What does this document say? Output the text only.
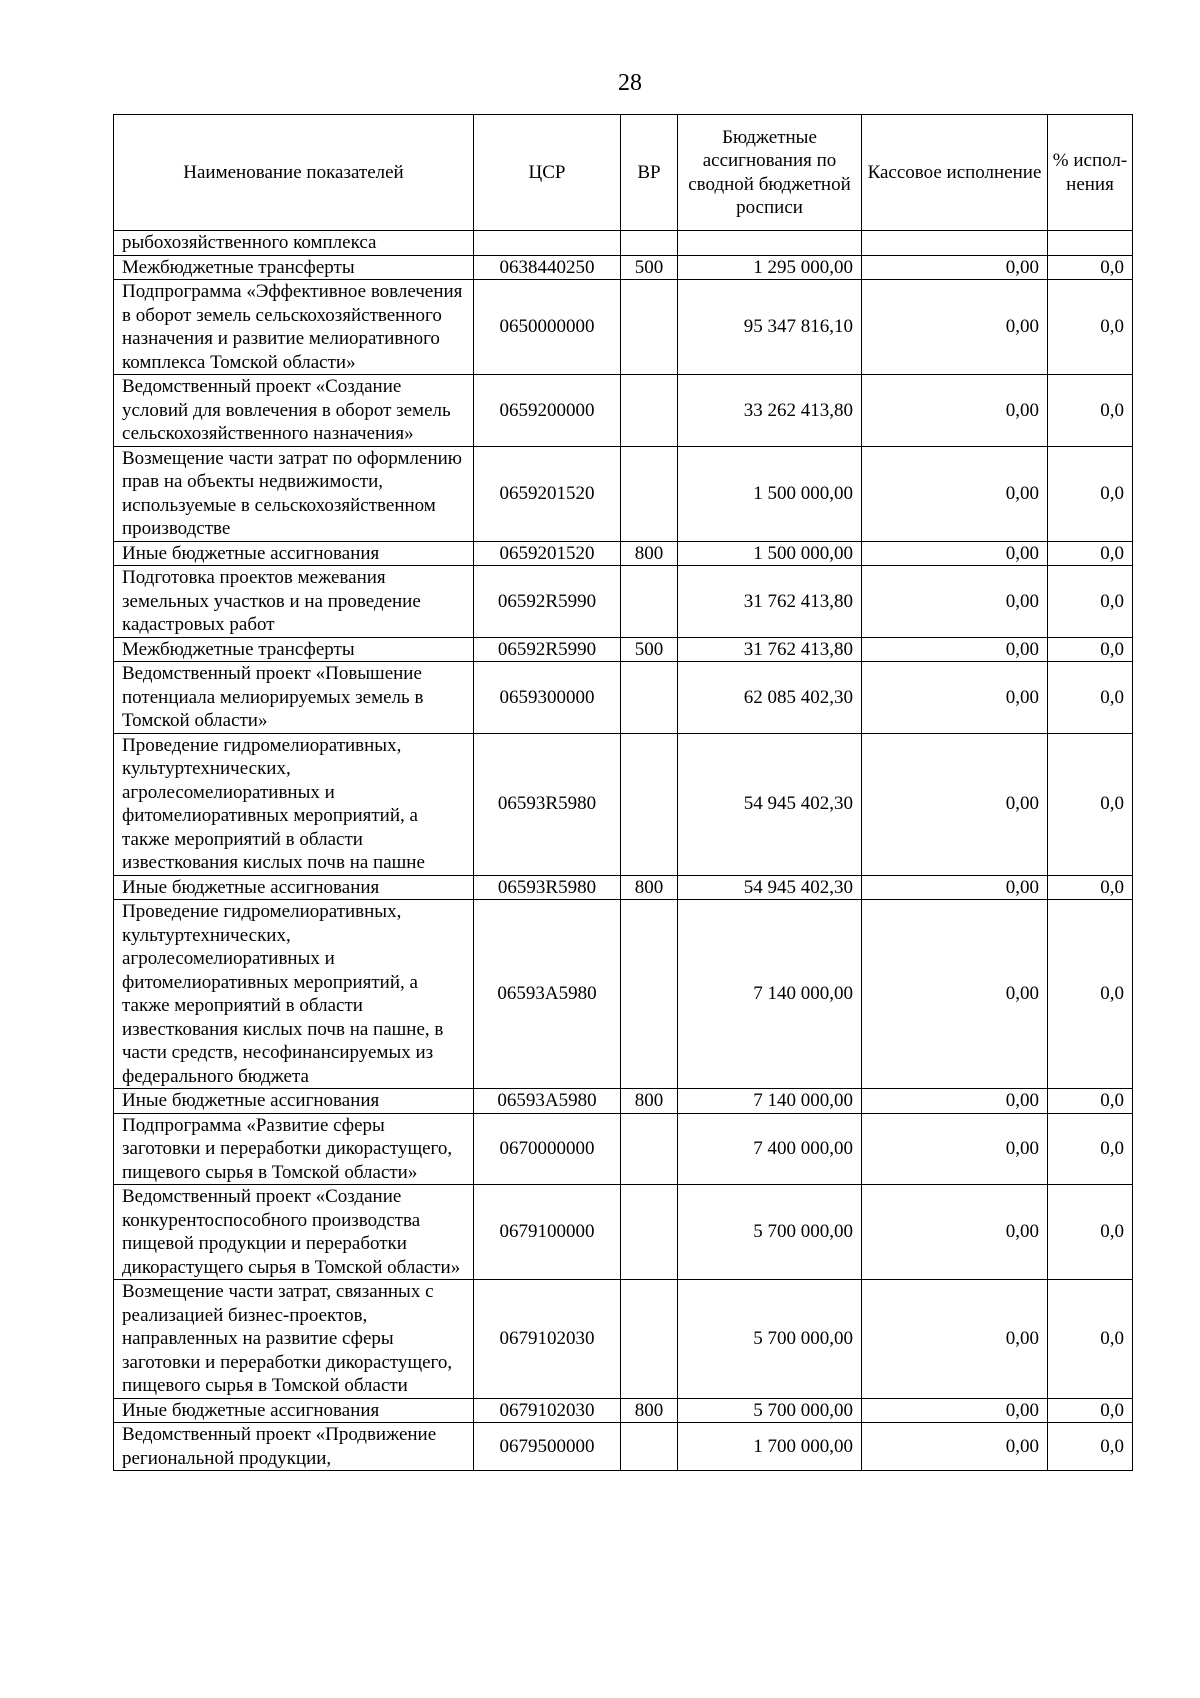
28
Наименование показателей	ЦСР	ВР	Бюджетные ассигнования по сводной бюджетной росписи	Кассовое исполнение	% испол-нения
рыбохозяйственного комплекса					
Межбюджетные трансферты	0638440250	500	1 295 000,00	0,00	0,0
Подпрограмма «Эффективное вовлечения в оборот земель сельскохозяйственного назначения и развитие мелиоративного комплекса Томской области»	0650000000		95 347 816,10	0,00	0,0
Ведомственный проект «Создание условий для вовлечения в оборот земель сельскохозяйственного назначения»	0659200000		33 262 413,80	0,00	0,0
Возмещение части затрат по оформлению прав на объекты недвижимости, используемые в сельскохозяйственном производстве	0659201520		1 500 000,00	0,00	0,0
Иные бюджетные ассигнования	0659201520	800	1 500 000,00	0,00	0,0
Подготовка проектов межевания земельных участков и на проведение кадастровых работ	06592R5990		31 762 413,80	0,00	0,0
Межбюджетные трансферты	06592R5990	500	31 762 413,80	0,00	0,0
Ведомственный проект «Повышение потенциала мелиорируемых земель в Томской области»	0659300000		62 085 402,30	0,00	0,0
Проведение гидромелиоративных, культуртехнических, агролесомелиоративных и фитомелиоративных мероприятий, а также мероприятий в области известкования кислых почв на пашне	06593R5980		54 945 402,30	0,00	0,0
Иные бюджетные ассигнования	06593R5980	800	54 945 402,30	0,00	0,0
Проведение гидромелиоративных, культуртехнических, агролесомелиоративных и фитомелиоративных мероприятий, а также мероприятий в области известкования кислых почв на пашне, в части средств, несофинансируемых из федерального бюджета	06593A5980		7 140 000,00	0,00	0,0
Иные бюджетные ассигнования	06593A5980	800	7 140 000,00	0,00	0,0
Подпрограмма «Развитие сферы заготовки и переработки дикорастущего, пищевого сырья в Томской области»	0670000000		7 400 000,00	0,00	0,0
Ведомственный проект «Создание конкурентоспособного производства пищевой продукции и переработки дикорастущего сырья в Томской области»	0679100000		5 700 000,00	0,00	0,0
Возмещение части затрат, связанных с реализацией бизнес-проектов, направленных на развитие сферы заготовки и переработки дикорастущего, пищевого сырья в Томской области	0679102030		5 700 000,00	0,00	0,0
Иные бюджетные ассигнования	0679102030	800	5 700 000,00	0,00	0,0
Ведомственный проект «Продвижение региональной продукции,	0679500000		1 700 000,00	0,00	0,0
